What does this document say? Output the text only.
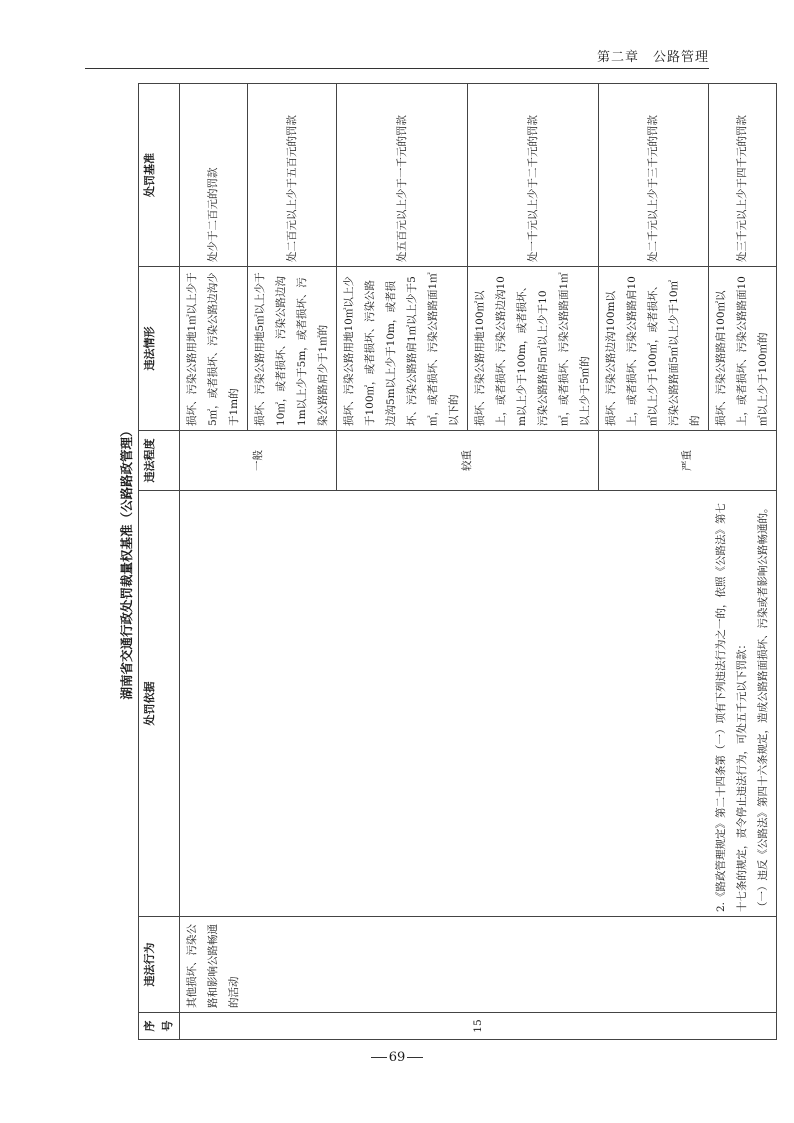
第二章　公路管理
湖南省交通行政处罚裁量权基准（公路路政管理）
序号	违法行为	处罚依据	违法程度	违法情形	处罚基准
15	其他损坏、污染公路和影响公路畅通的活动	2.《路政管理规定》第二十四条第（一）项有下列违法行为之一的，依照《公路法》第七十七条的规定，责令停止违法行为，可处五千元以下罚款： （一）违反《公路法》第四十六条规定，造成公路路面损坏、污染或者影响公路畅通的。	一般	损坏、污染公路用地1㎡以上少于5㎡，或者损坏、污染公路边沟少于1m的	处少于二百元的罚款
				损坏、污染公路用地5㎡以上少于10㎡，或者损坏、污染公路边沟1m以上少于5m，或者损坏、污染公路路肩少于1㎡的	处二百元以上少于五百元的罚款
			较重	损坏、污染公路用地10㎡以上少于100㎡，或者损坏、污染公路边沟5m以上少于10m，或者损坏、污染公路路肩1㎡以上少于5㎡，或者损坏、污染公路路面1㎡以下的	处五百元以上少于一千元的罚款
				损坏、污染公路用地100㎡以上，或者损坏、污染公路边沟10m以上少于100m，或者损坏、污染公路路肩5㎡以上少于10㎡，或者损坏、污染公路路面1㎡以上少于5㎡的	处一千元以上少于二千元的罚款
			严重	损坏、污染公路边沟100m以上，或者损坏、污染公路路肩10㎡以上少于100㎡，或者损坏、污染公路路面5㎡以上少于10㎡的	处二千元以上少于三千元的罚款
				损坏、污染公路路肩100㎡以上，或者损坏、污染公路路面10㎡以上少于100㎡的	处三千元以上少于四千元的罚款
69
